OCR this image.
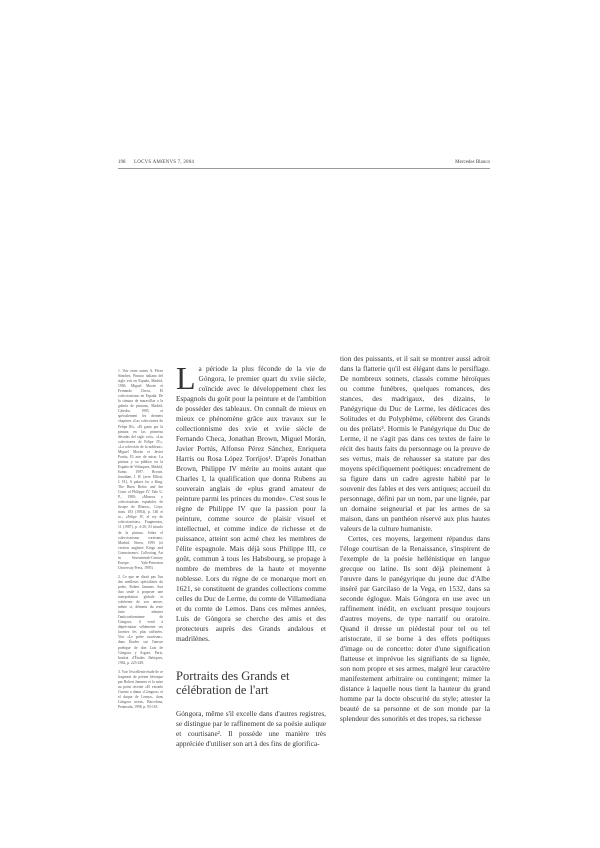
198 LOCVS AMŒNVS 7, 2004	Mercedes Blanco

1. Voir entre autres A. Pérez Sánchez, Pintura italiana del siglo xvii en España, Madrid, 1965; Miguel Morán et Fernando Checa, El coleccionismo en España. De la cámara de maravillas a la galería de pinturas, Madrid, Cátedra, 1985, et spécialement les derniers chapitres «Las colecciones de Felipe III», «El gusto por la pintura en las primeras décadas del siglo xvii», «Las colecciones de Felipe IV», «La colección de la nobleza»; Miguel Morán et Javier Portús, El arte de mirar. La pintura y su público en la España de Velázquez, Madrid, Istmo, 1997. Brown, Jonathan, J. H. (avec Elliott, J. H.), A palace for a King. The Buen Retiro and the Court of Philippe IV. Yale U. P., 1980; «Museos y coleccionistas españoles de Jusepe de Ribera», Goya, num. 183 (1984), p. 140 et ss.; «Felipe IV, el rey de coleccionistas» Fragmentos, 11 (1987), p. 4-20; El triunfo de la pintura. Sobre el coleccionismo cortesano, Madrid, Nerea, 1995 (et version anglaise Kings and Connoisseurs: Collecting Art in Seventeenth-Century Europe, Yale-Princeton University Press, 1995).

2. Ce que ne disait pas l'un des meilleurs spécialistes du poète, Robert Jammes. Son duo seule à proposer une interprétation globale et cohérente de son œuvre, même si, démenti du reste faire admirer l'anticonformisme de Góngora, il vend à dépréciation véhémente ses facettes les plus raffinées. Voir «Le poète courtisan», dans Études sur l'œuvre poétique de don Luis de Góngora y Argote, Paris, Institut d'Études Ibériques, 1962, p. 223-249.

3. Voir l'excellente étude de ce fragment de poème héroïque par Robert Jammes et la mise au point récente «El extraño Cuento a dama «Góngora» et el duque de Lerma», dans Góngora nexus, Barcelona, Peninsula, 1998, p. 93-118.

La période la plus féconde de la vie de Góngora, le premier quart du xviie siècle, coïncide avec le développement chez les Espagnols du goût pour la peinture et de l'ambition de posséder des tableaux. On connaît de mieux en mieux ce phénomène grâce aux travaux sur le collectionnisme des xvie et xviie siècle de Fernando Checa, Jonathan Brown, Miguel Morán, Javier Portús, Alfonso Pérez Sánchez, Enriqueta Harris ou Rosa López Torrijos¹. D'après Jonathan Brown, Philippe IV mérite au moins autant que Charles I, la qualification que donna Rubens au souverain anglais de «plus grand amateur de peinture parmi les princes du monde». C'est sous le règne de Philippe IV que la passion pour la peinture, comme source de plaisir visuel et intellectuel, et comme indice de richesse et de puissance, atteint son acmé chez les membres de l'élite espagnole. Mais déjà sous Philippe III, ce goût, commun à tous les Habsbourg, se propage à nombre de membres de la haute et moyenne noblesse. Lors du règne de ce monarque mort en 1621, se constituent de grandes collections comme celles du Duc de Lerme, du comte de Villamediana et du comte de Lemos. Dans ces mêmes années, Luis de Góngora se cherche des amis et des protecteurs auprès des Grands andalous et madrilènes.

Portraits des Grands et célébration de l'art

Góngora, même s'il excelle dans d'autres registres, se distingue par le raffinement de sa poésie aulique et courtisane². Il possède une manière très appréciée d'utiliser son art à des fins de glorifica-

tion des puissants, et il sait se montrer aussi adroit dans la flatterie qu'il est élégant dans le persiflage. De nombreux sonnets, classés comme héroïques ou comme funèbres, quelques romances, des stances, des madrigaux, des dizains, le Panégyrique du Duc de Lerme, les dédicaces des Solitudes et du Polyphème, célèbrent des Grands ou des prélats³. Hormis le Panégyrique du Duc de Lerme, il ne s'agit pas dans ces textes de faire le récit des hauts faits du personnage ou la preuve de ses vertus, mais de rehausser sa stature par des moyens spécifiquement poétiques: encadrement de sa figure dans un cadre agreste habité par le souvenir des fables et des vers antiques; accueil du personnage, défini par un nom, par une lignée, par un domaine seigneurial et par les armes de sa maison, dans un panthéon réservé aux plus hautes valeurs de la culture humaniste.

Certes, ces moyens, largement répandus dans l'éloge courtisan de la Renaissance, s'inspirent de l'exemple de la poésie hellénistique en langue grecque ou latine. Ils sont déjà pleinement à l'œuvre dans le panégyrique du jeune duc d'Albe inséré par Garcilaso de la Vega, en 1532, dans sa seconde églogue. Mais Góngora en use avec un raffinement inédit, en excluant presque toujours d'autres moyens, de type narratif ou oratoire. Quand il dresse un piédestal pour tel ou tel aristocrate, il se borne à des effets poétiques d'image ou de concetto: doter d'une signification flatteuse et imprévue les signifiants de sa lignée, son nom propre et ses armes, malgré leur caractère manifestement arbitraire ou contingent; mimer la distance à laquelle nous tient la hauteur du grand homme par la docte obscurité du style; attester la beauté de sa personne et de son monde par la splendeur des sonorités et des tropes, sa richesse
